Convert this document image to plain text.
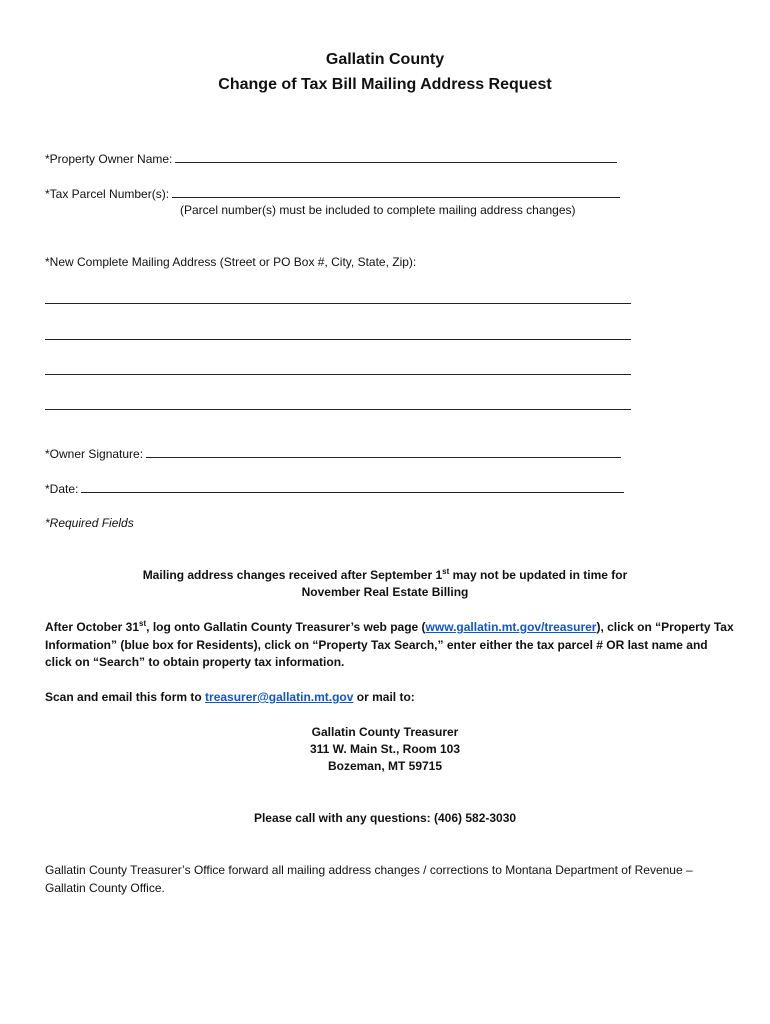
Gallatin County
Change of Tax Bill Mailing Address Request
*Property Owner Name:
*Tax Parcel Number(s):
(Parcel number(s) must be included to complete mailing address changes)
*New Complete Mailing Address (Street or PO Box #, City, State, Zip):
*Owner Signature:
*Date:
*Required Fields
Mailing address changes received after September 1st may not be updated in time for
November Real Estate Billing
After October 31st, log onto Gallatin County Treasurer’s web page (www.gallatin.mt.gov/treasurer), click on “Property Tax Information” (blue box for Residents), click on “Property Tax Search,” enter either the tax parcel # OR last name and click on “Search” to obtain property tax information.
Scan and email this form to treasurer@gallatin.mt.gov or mail to:
Gallatin County Treasurer
311 W. Main St., Room 103
Bozeman, MT 59715
Please call with any questions: (406) 582-3030
Gallatin County Treasurer’s Office forward all mailing address changes / corrections to Montana Department of Revenue – Gallatin County Office.
